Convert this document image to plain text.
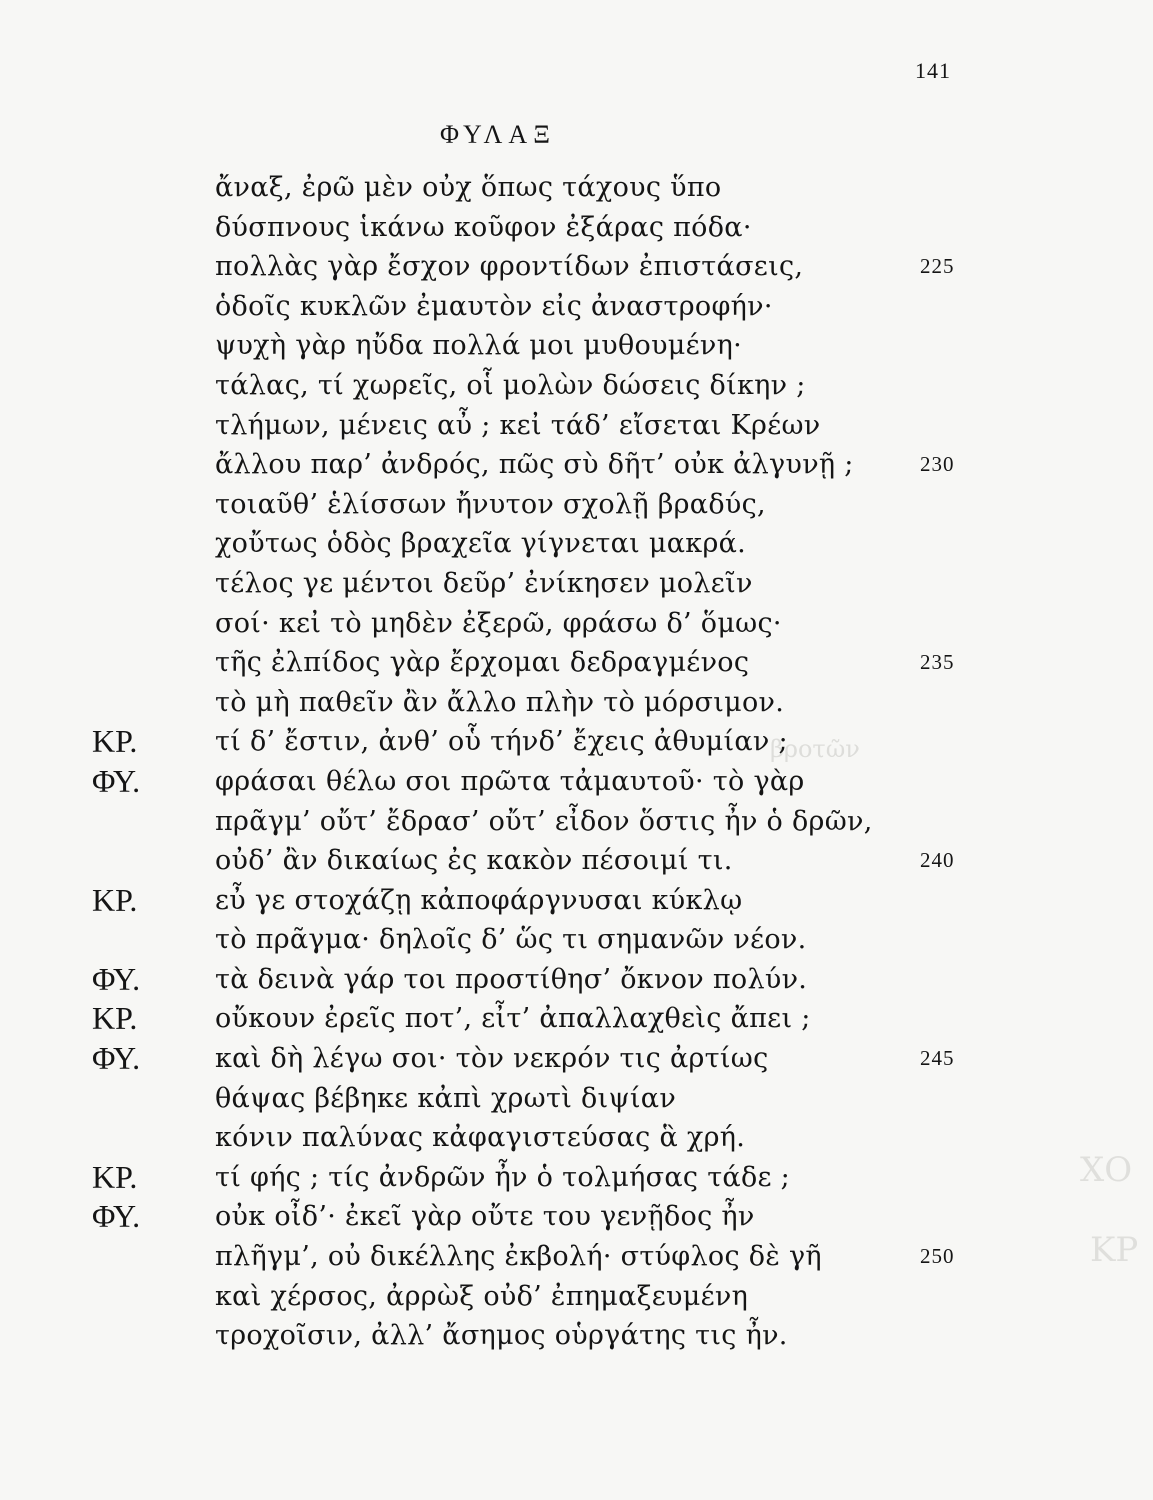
βροτῶν
ΧΟ
ΚΡ
141
ΦΥΛΑΞ
ἄναξ, ἐρῶ μὲν οὐχ ὅπως τάχους ὕπο
δύσπνους ἱκάνω κοῦφον ἐξάρας πόδα·
πολλὰς γὰρ ἔσχον φροντίδων ἐπιστάσεις,	225
ὁδοῖς κυκλῶν ἐμαυτὸν εἰς ἀναστροφήν·
ψυχὴ γὰρ ηὔδα πολλά μοι μυθουμένη·
τάλας, τί χωρεῖς, οἷ μολὼν δώσεις δίκην ;
τλήμων, μένεις αὖ ; κεἰ τάδ’ εἴσεται Κρέων
ἄλλου παρ’ ἀνδρός, πῶς σὺ δῆτ’ οὐκ ἀλγυνῇ ;	230
τοιαῦθ’ ἑλίσσων ἤνυτον σχολῇ βραδύς,
χοὔτως ὁδὸς βραχεῖα γίγνεται μακρά.
τέλος γε μέντοι δεῦρ’ ἐνίκησεν μολεῖν
σοί· κεἰ τὸ μηδὲν ἐξερῶ, φράσω δ’ ὅμως·
τῆς ἐλπίδος γὰρ ἔρχομαι δεδραγμένος	235
τὸ μὴ παθεῖν ἂν ἄλλο πλὴν τὸ μόρσιμον.
ΚΡ.	τί δ’ ἔστιν, ἀνθ’ οὗ τήνδ’ ἔχεις ἀθυμίαν ;
ΦΥ.	φράσαι θέλω σοι πρῶτα τἀμαυτοῦ· τὸ γὰρ
πρᾶγμ’ οὔτ’ ἔδρασ’ οὔτ’ εἶδον ὅστις ἦν ὁ δρῶν,
οὐδ’ ἂν δικαίως ἐς κακὸν πέσοιμί τι.	240
ΚΡ.	εὖ γε στοχάζῃ κἀποφάργνυσαι κύκλῳ
τὸ πρᾶγμα· δηλοῖς δ’ ὥς τι σημανῶν νέον.
ΦΥ.	τὰ δεινὰ γάρ τοι προστίθησ’ ὄκνον πολύν.
ΚΡ.	οὔκουν ἐρεῖς ποτ’, εἶτ’ ἀπαλλαχθεὶς ἄπει ;
ΦΥ.	καὶ δὴ λέγω σοι· τὸν νεκρόν τις ἀρτίως	245
θάψας βέβηκε κἀπὶ χρωτὶ διψίαν
κόνιν παλύνας κἀφαγιστεύσας ἃ χρή.
ΚΡ.	τί φής ; τίς ἀνδρῶν ἦν ὁ τολμήσας τάδε ;
ΦΥ.	οὐκ οἶδ’· ἐκεῖ γὰρ οὔτε του γενῇδος ἦν
πλῆγμ’, οὐ δικέλλης ἐκβολή· στύφλος δὲ γῆ	250
καὶ χέρσος, ἀρρὼξ οὐδ’ ἐπημαξευμένη
τροχοῖσιν, ἀλλ’ ἄσημος οὑργάτης τις ἦν.
